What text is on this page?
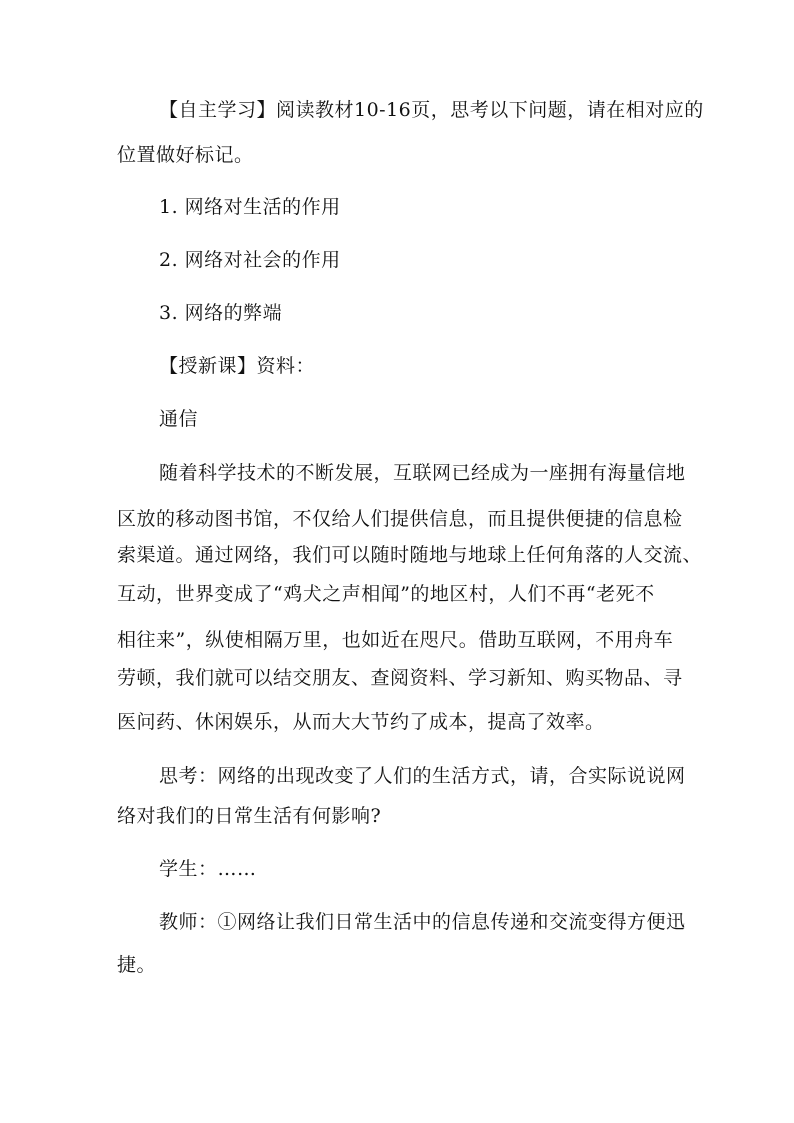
【自主学习】阅读教材10-16页，思考以下问题，请在相对应的
位置做好标记。
1. 网络对生活的作用
2. 网络对社会的作用
3. 网络的弊端
【授新课】资料：
通信
随着科学技术的不断发展，互联网已经成为一座拥有海量信地
区放的移动图书馆，不仅给人们提供信息，而且提供便捷的信息检
索渠道。通过网络，我们可以随时随地与地球上任何角落的人交流、
互动，世界变成了“鸡犬之声相闻”的地区村，人们不再“老死不
相往来”，纵使相隔万里，也如近在咫尺。借助互联网，不用舟车
劳顿，我们就可以结交朋友、查阅资料、学习新知、购买物品、寻
医问药、休闲娱乐，从而大大节约了成本，提高了效率。
思考：网络的出现改变了人们的生活方式，请，合实际说说网
络对我们的日常生活有何影响?
学生：……
教师：①网络让我们日常生活中的信息传递和交流变得方便迅
捷。
